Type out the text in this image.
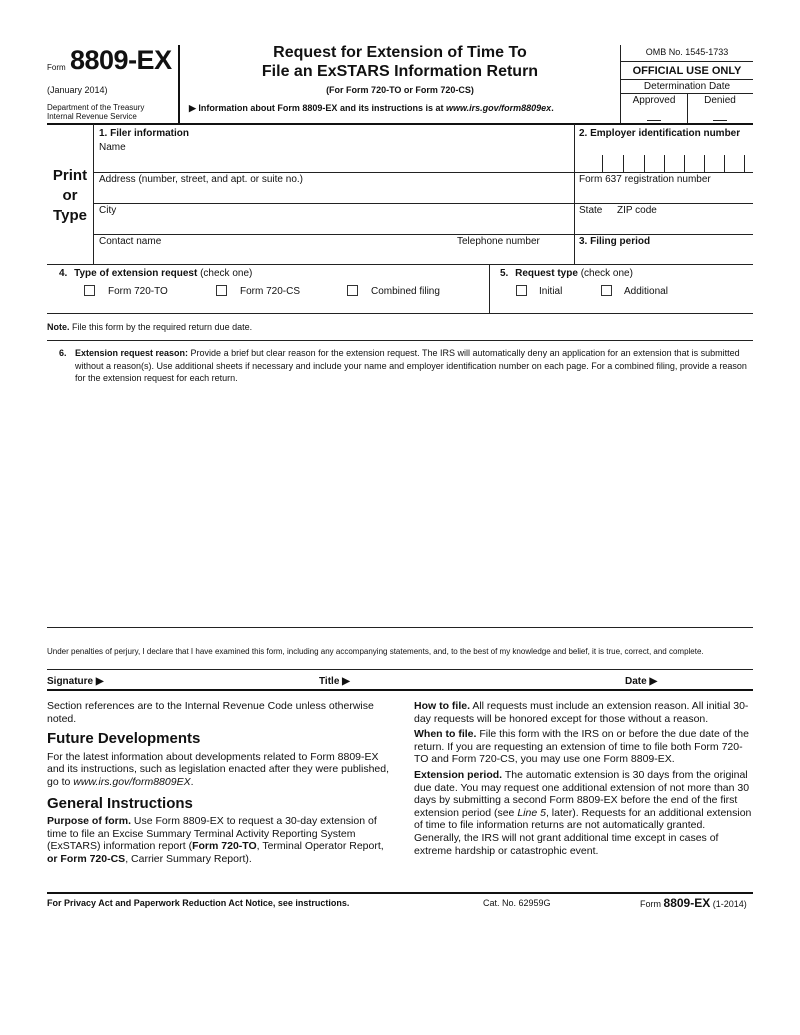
Form 8809-EX
(January 2014)
Department of the Treasury
Internal Revenue Service
Request for Extension of Time To
File an ExSTARS Information Return
(For Form 720-TO or Form 720-CS)
▶ Information about Form 8809-EX and its instructions is at www.irs.gov/form8809ex.
OMB No. 1545-1733
OFFICIAL USE ONLY
Determination Date
Approved	Denied
Print
or
Type
1. Filer information
Name
2. Employer identification number
Address (number, street, and apt. or suite no.)	Form 637 registration number
City	State ZIP code
Contact name	Telephone number	3. Filing period
4. Type of extension request (check one)
Form 720-TO	Form 720-CS	Combined filing
5. Request type (check one)
Initial	Additional
Note. File this form by the required return due date.
6. Extension request reason: Provide a brief but clear reason for the extension request. The IRS will automatically deny an application for an extension that is submitted without a reason(s). Use additional sheets if necessary and include your name and employer identification number on each page. For a combined filing, provide a reason for the extension request for each return.
Under penalties of perjury, I declare that I have examined this form, including any accompanying statements, and, to the best of my knowledge and belief, it is true, correct, and complete.
Signature ▶	Title ▶	Date ▶

Section references are to the Internal Revenue Code unless otherwise noted.

Future Developments

For the latest information about developments related to Form 8809-EX and its instructions, such as legislation enacted after they were published, go to www.irs.gov/form8809EX.

General Instructions

Purpose of form. Use Form 8809-EX to request a 30-day extension of time to file an Excise Summary Terminal Activity Reporting System (ExSTARS) information report (Form 720-TO, Terminal Operator Report, or Form 720-CS, Carrier Summary Report).

How to file. All requests must include an extension reason. All initial 30-day requests will be honored except for those without a reason.

When to file. File this form with the IRS on or before the due date of the return. If you are requesting an extension of time to file both Form 720-TO and Form 720-CS, you may use one Form 8809-EX.

Extension period. The automatic extension is 30 days from the original due date. You may request one additional extension of not more than 30 days by submitting a second Form 8809-EX before the end of the first extension period (see Line 5, later). Requests for an additional extension of time to file information returns are not automatically granted. Generally, the IRS will not grant additional time except in cases of extreme hardship or catastrophic event.

For Privacy Act and Paperwork Reduction Act Notice, see instructions.	Cat. No. 62959G	Form 8809-EX (1-2014)
